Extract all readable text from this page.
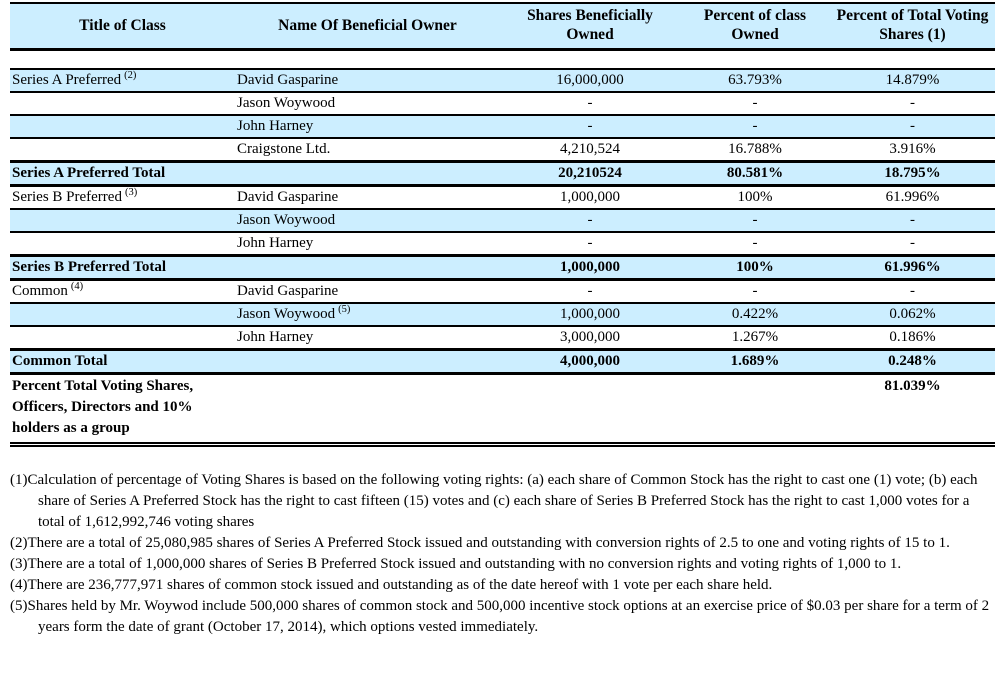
Title of Class	Name Of Beneficial Owner	Shares Beneficially Owned	Percent of class Owned	Percent of Total Voting Shares (1)

Series A Preferred $^{(2)}$	David Gasparine	16,000,000	63.793%	14.879%
	Jason Woywood	-	-	-
	John Harney	-	-	-
	Craigstone Ltd.	4,210,524	16.788%	3.916%
Series A Preferred Total		20,210524	80.581%	18.795%
Series B Preferred $^{(3)}$	David Gasparine	1,000,000	100%	61.996%
	Jason Woywood	-	-	-
	John Harney	-	-	-
Series B Preferred Total		1,000,000	100%	61.996%
Common $^{(4)}$	David Gasparine	-	-	-
	Jason Woywood $^{(5)}$	1,000,000	0.422%	0.062%
	John Harney	3,000,000	1.267%	0.186%
Common Total		4,000,000	1.689%	0.248%
Percent Total Voting Shares, Officers, Directors and 10% holders as a group				81.039%
(1)Calculation of percentage of Voting Shares is based on the following voting rights: (a) each share of Common Stock has the right to cast one (1) vote; (b) each share of Series A Preferred Stock has the right to cast fifteen (15) votes and (c) each share of Series B Preferred Stock has the right to cast 1,000 votes for a total of 1,612,992,746 voting shares
(2)There are a total of 25,080,985 shares of Series A Preferred Stock issued and outstanding with conversion rights of 2.5 to one and voting rights of 15 to 1.
(3)There are a total of 1,000,000 shares of Series B Preferred Stock issued and outstanding with no conversion rights and voting rights of 1,000 to 1.
(4)There are 236,777,971 shares of common stock issued and outstanding as of the date hereof with 1 vote per each share held.
(5)Shares held by Mr. Woywod include 500,000 shares of common stock and 500,000 incentive stock options at an exercise price of $0.03 per share for a term of 2 years form the date of grant (October 17, 2014), which options vested immediately.
